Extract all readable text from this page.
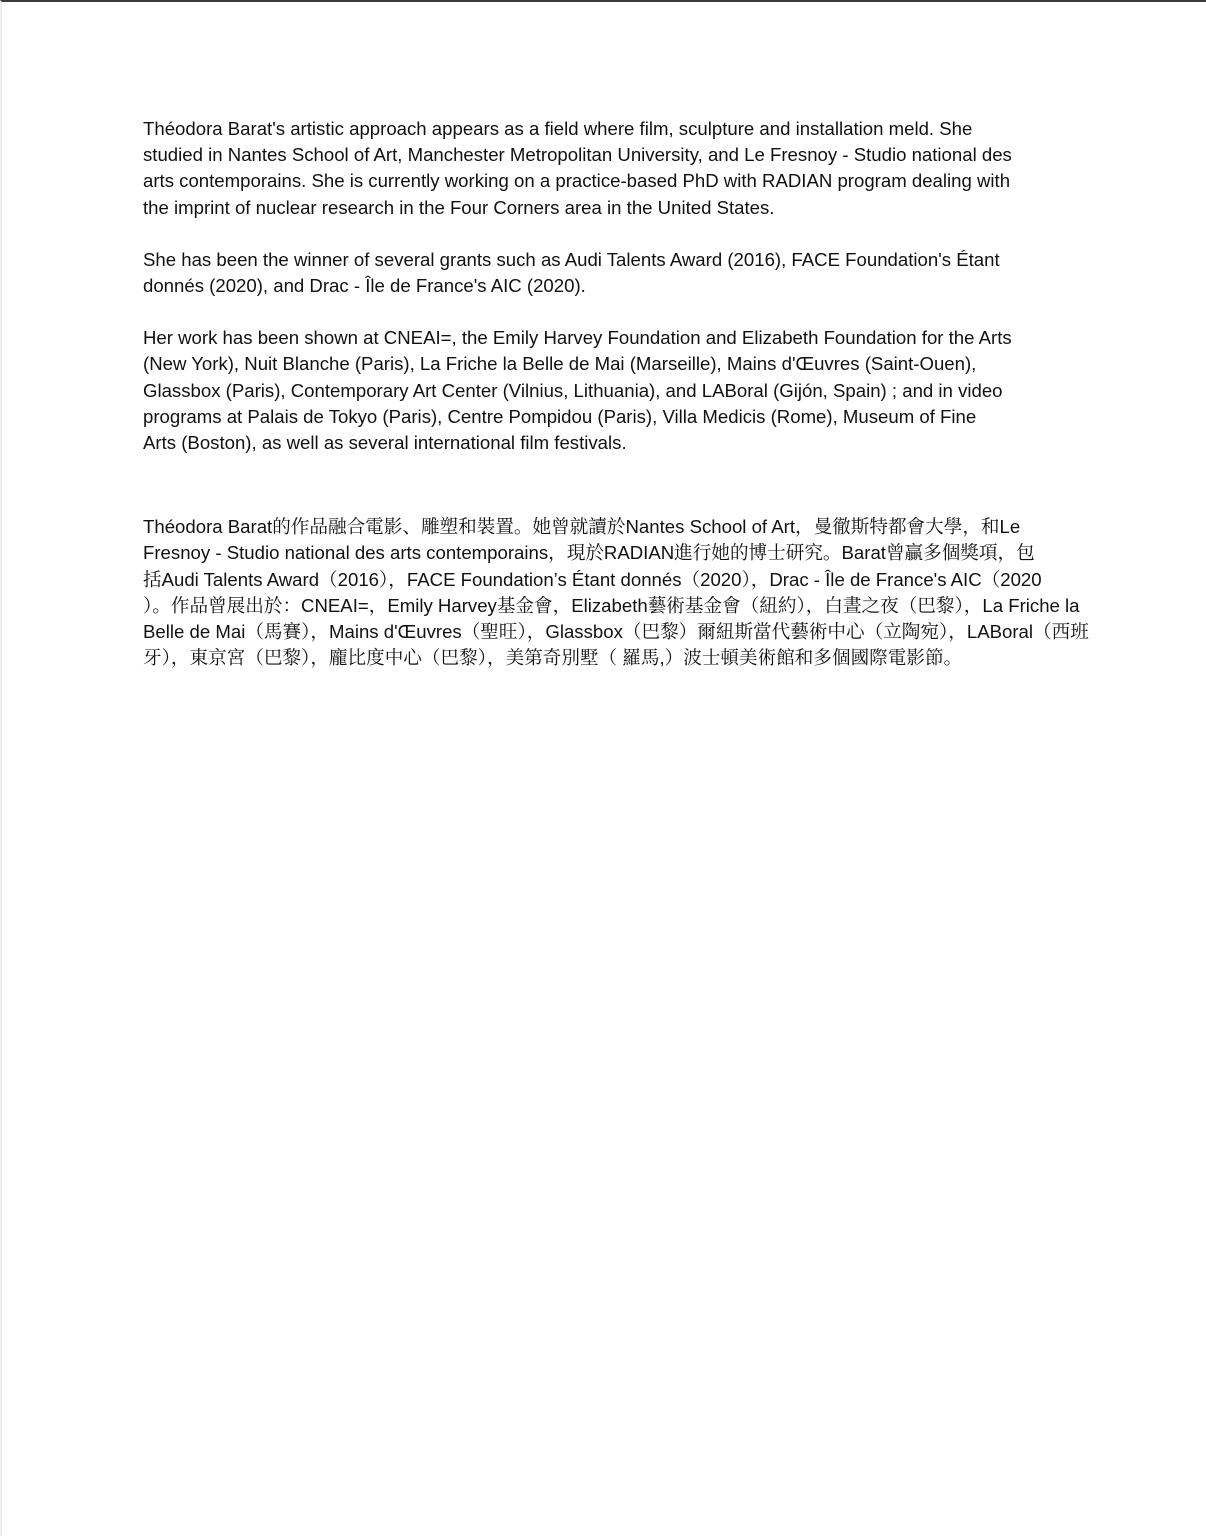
Théodora Barat's artistic approach appears as a field where film, sculpture and installation meld. She
studied in Nantes School of Art, Manchester Metropolitan University, and Le Fresnoy - Studio national des
arts contemporains. She is currently working on a practice-based PhD with RADIAN program dealing with
the imprint of nuclear research in the Four Corners area in the United States.

She has been the winner of several grants such as Audi Talents Award (2016), FACE Foundation's Étant
donnés (2020), and Drac - Île de France's AIC (2020).

Her work has been shown at CNEAI=, the Emily Harvey Foundation and Elizabeth Foundation for the Arts
(New York), Nuit Blanche (Paris), La Friche la Belle de Mai (Marseille), Mains d'Œuvres (Saint-Ouen),
Glassbox (Paris), Contemporary Art Center (Vilnius, Lithuania), and LABoral (Gijón, Spain) ; and in video
programs at Palais de Tokyo (Paris), Centre Pompidou (Paris), Villa Medicis (Rome), Museum of Fine
Arts (Boston), as well as several international film festivals.

Théodora Barat的作品融合電影、雕塑和裝置。她曾就讀於Nantes School of Art，曼徹斯特都會大學，和Le
Fresnoy - Studio national des arts contemporains，現於RADIAN進行她的博士研究。Barat曾贏多個獎項，包
括Audi Talents Award（2016），FACE Foundation’s Étant donnés（2020），Drac - Île de France's AIC（2020
）。作品曾展出於：CNEAI=，Emily Harvey基金會，Elizabeth藝術基金會（紐約），白晝之夜（巴黎），La Friche la
Belle de Mai（馬賽），Mains d'Œuvres（聖旺），Glassbox（巴黎）爾紐斯當代藝術中心（立陶宛），LABoral（西班
牙），東京宮（巴黎），龐比度中心（巴黎），美第奇別墅（ 羅馬,）波士頓美術館和多個國際電影節。
